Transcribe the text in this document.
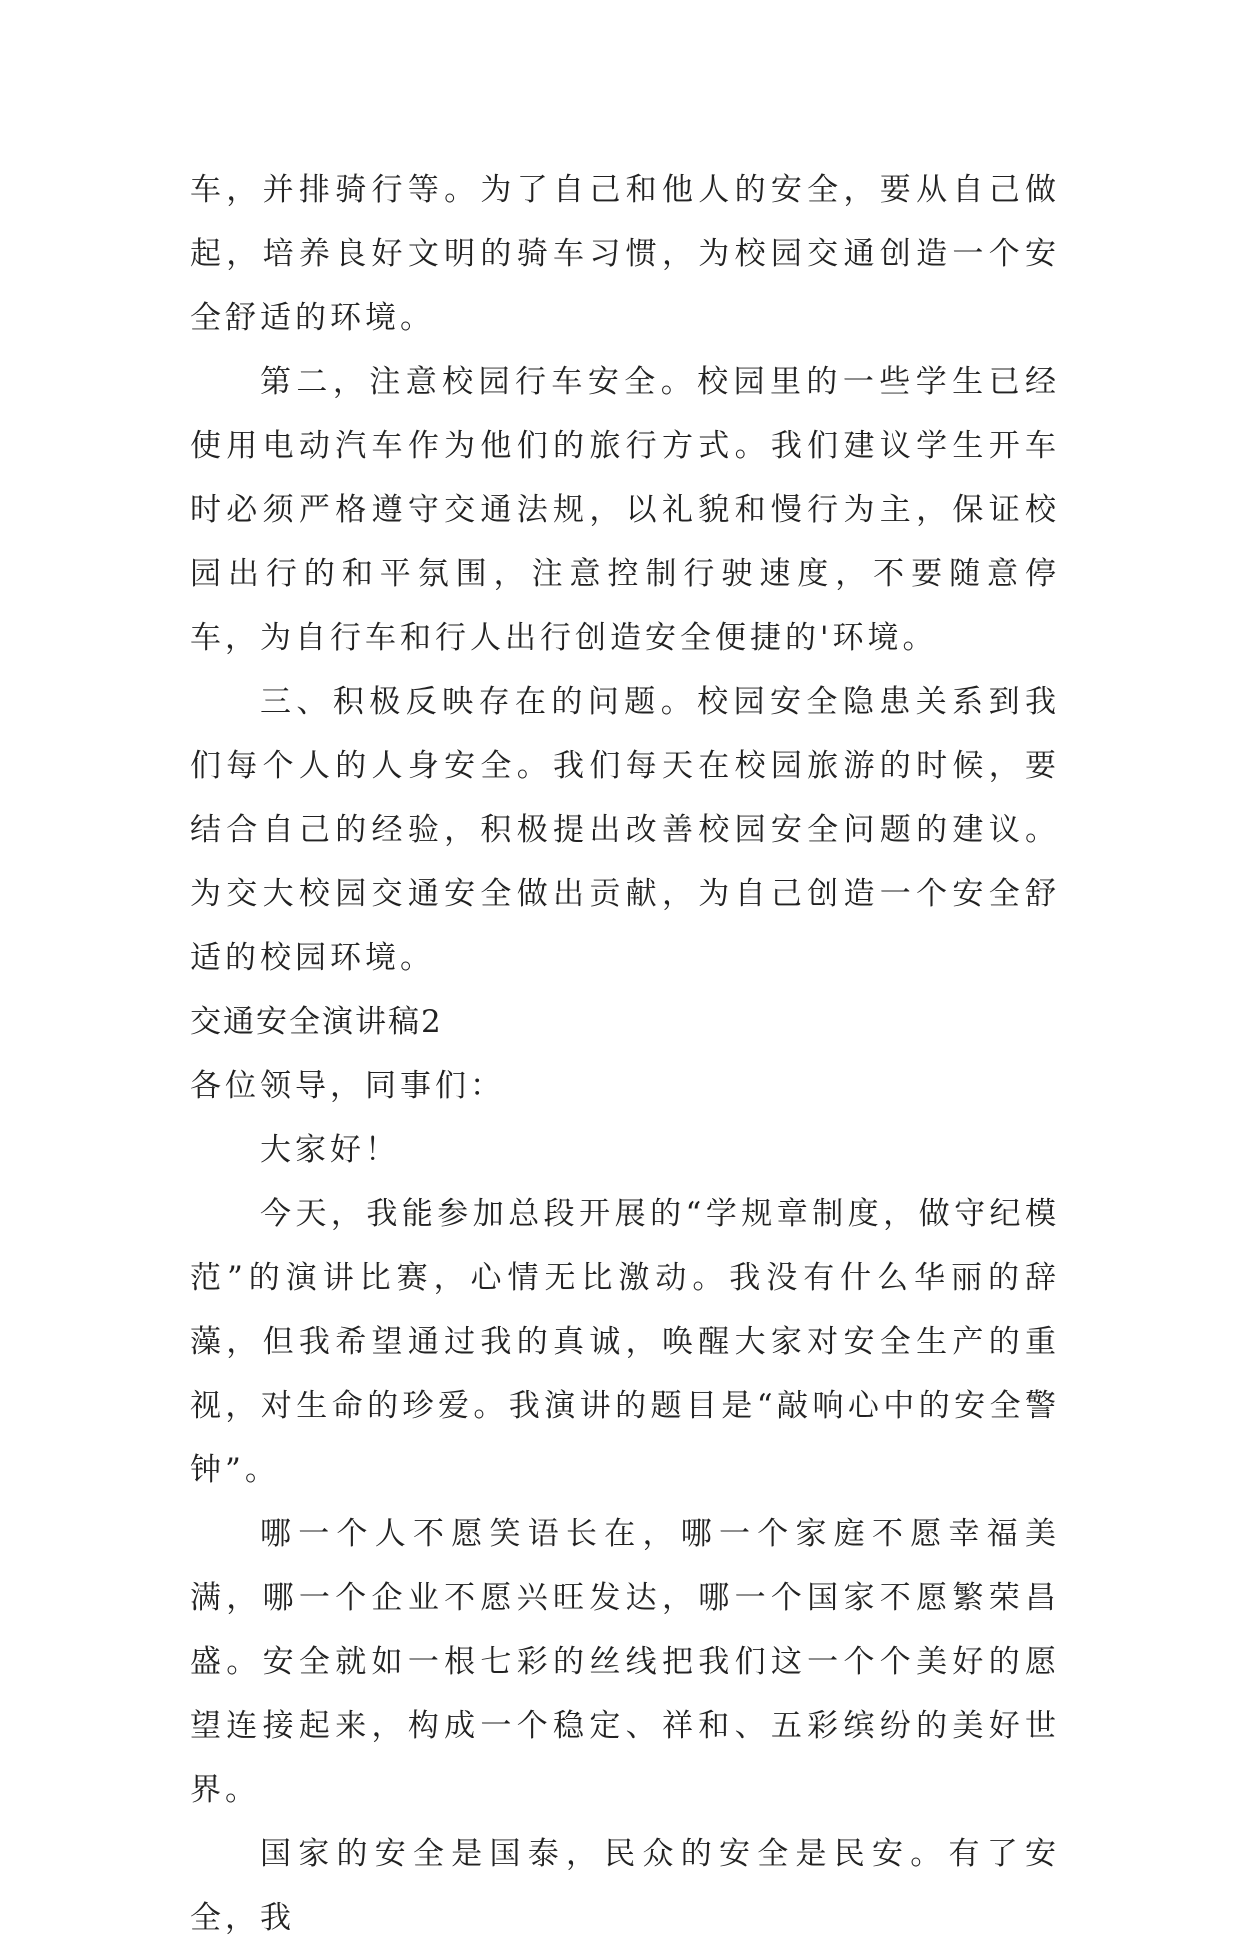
车，并排骑行等。为了自己和他人的安全，要从自己做起，培养良好文明的骑车习惯，为校园交通创造一个安全舒适的环境。

第二，注意校园行车安全。校园里的一些学生已经使用电动汽车作为他们的旅行方式。我们建议学生开车时必须严格遵守交通法规，以礼貌和慢行为主，保证校园出行的和平氛围，注意控制行驶速度，不要随意停车，为自行车和行人出行创造安全便捷的'环境。

三、积极反映存在的问题。校园安全隐患关系到我们每个人的人身安全。我们每天在校园旅游的时候，要结合自己的经验，积极提出改善校园安全问题的建议。为交大校园交通安全做出贡献，为自己创造一个安全舒适的校园环境。

交通安全演讲稿2

各位领导，同事们：

大家好！

今天，我能参加总段开展的“学规章制度，做守纪模范”的演讲比赛，心情无比激动。我没有什么华丽的辞藻，但我希望通过我的真诚，唤醒大家对安全生产的重视，对生命的珍爱。我演讲的题目是“敲响心中的安全警钟”。

哪一个人不愿笑语长在，哪一个家庭不愿幸福美满，哪一个企业不愿兴旺发达，哪一个国家不愿繁荣昌盛。安全就如一根七彩的丝线把我们这一个个美好的愿望连接起来，构成一个稳定、祥和、五彩缤纷的美好世界。

国家的安全是国泰，民众的安全是民安。有了安全，我
